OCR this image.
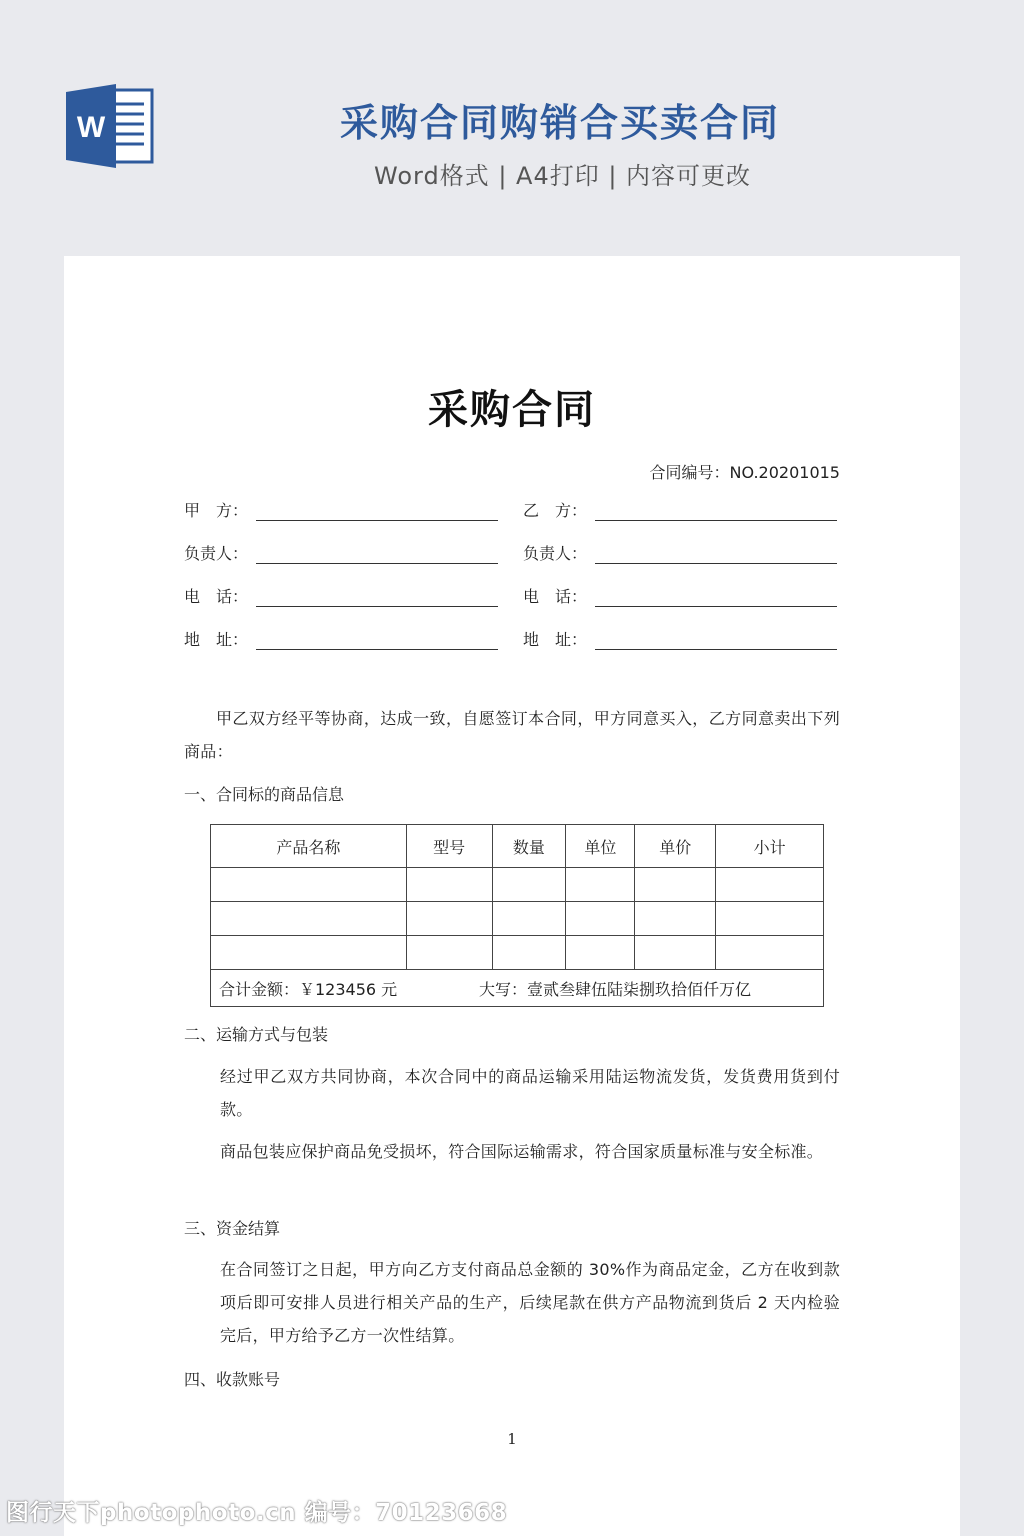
W	采购合同购销合买卖合同
Word格式 | A4打印 | 内容可更改
采购合同
合同编号：NO.20201015
甲　方：
负责人：
电　话：
地　址：
乙　方：
负责人：
电　话：
地　址：
甲乙双方经平等协商，达成一致，自愿签订本合同，甲方同意买入，乙方同意卖出下列商品：
一、合同标的商品信息
产品名称	型号	数量	单位	单价	小计

合计金额：￥123456 元 大写：壹贰叁肆伍陆柒捌玖拾佰仟万亿					
二、运输方式与包装
经过甲乙双方共同协商，本次合同中的商品运输采用陆运物流发货，发货费用货到付款。
商品包装应保护商品免受损坏，符合国际运输需求，符合国家质量标准与安全标准。
三、资金结算
在合同签订之日起，甲方向乙方支付商品总金额的 30%作为商品定金，乙方在收到款项后即可安排人员进行相关产品的生产，后续尾款在供方产品物流到货后 2 天内检验完后，甲方给予乙方一次性结算。
四、收款账号
1
图行天下photophoto.cn 编号：70123668
